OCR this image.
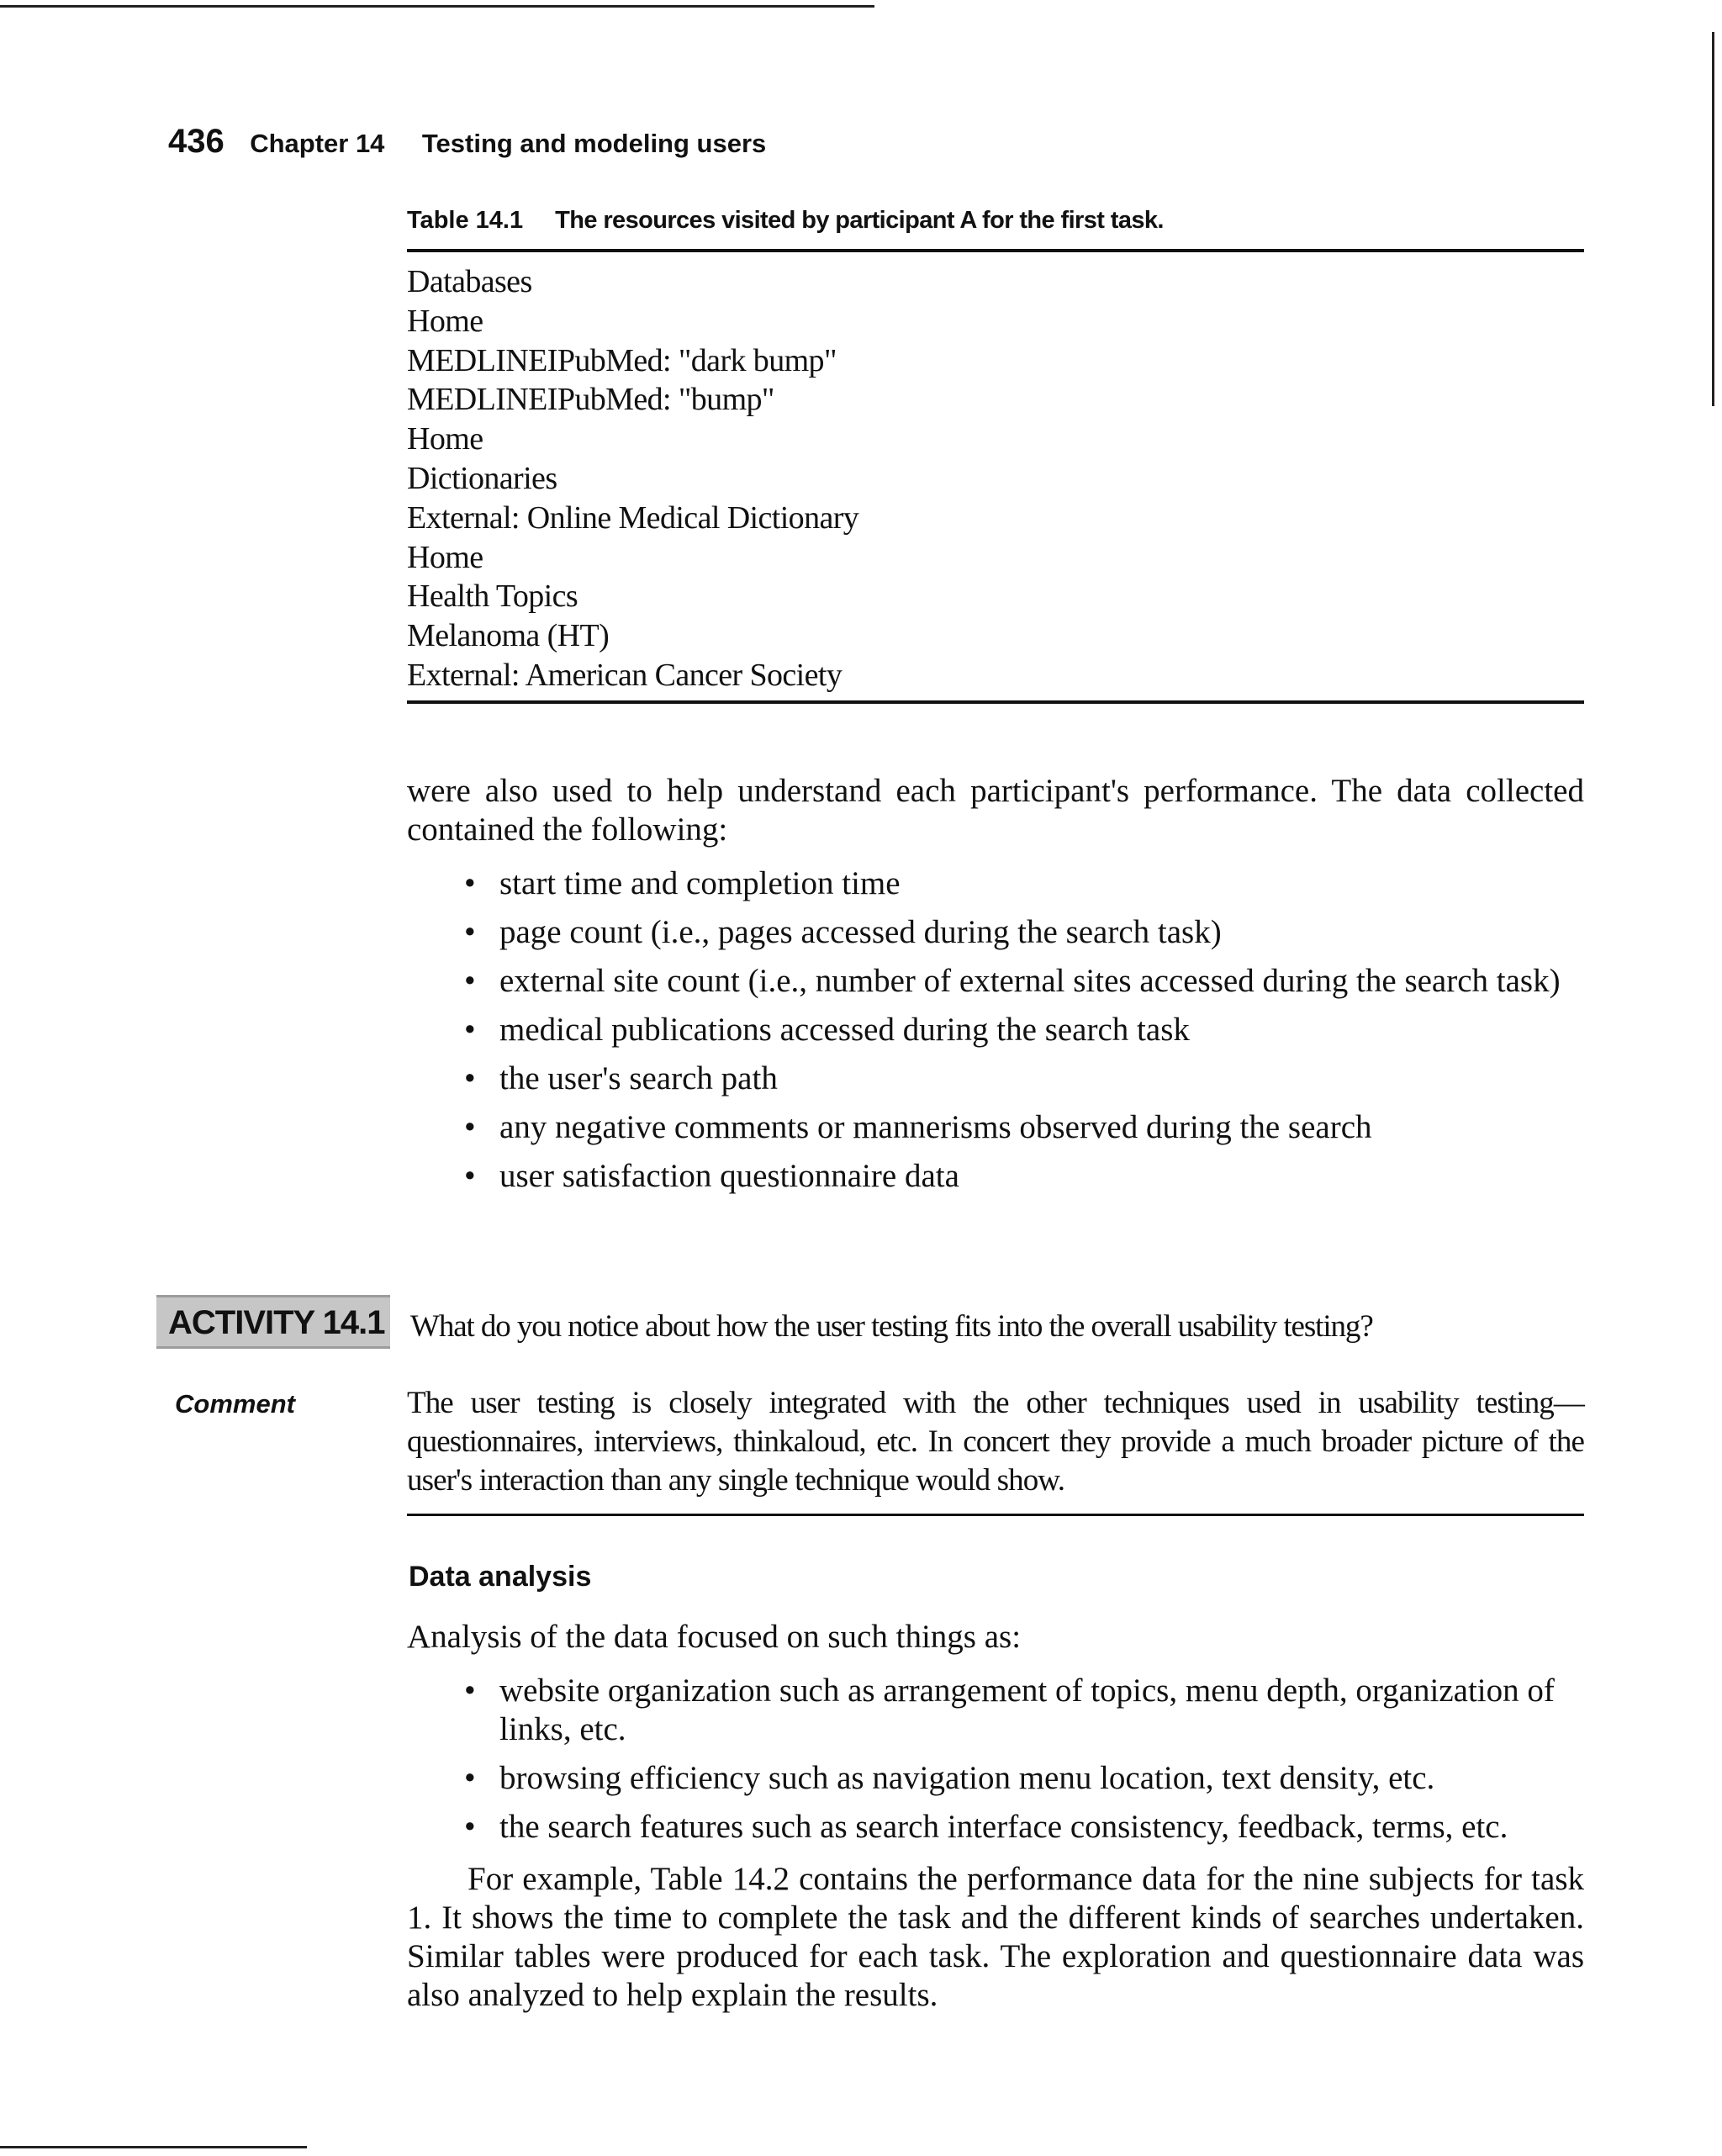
436 Chapter 14 Testing and modeling users
Table 14.1 The resources visited by participant A for the first task.
Databases
Home
MEDLINEIPubMed: "dark bump"
MEDLINEIPubMed: "bump"
Home
Dictionaries
External: Online Medical Dictionary
Home
Health Topics
Melanoma (HT)
External: American Cancer Society

were also used to help understand each participant's performance. The data collected contained the following:

• start time and completion time
• page count (i.e., pages accessed during the search task)
• external site count (i.e., number of external sites accessed during the search task)
• medical publications accessed during the search task
• the user's search path
• any negative comments or mannerisms observed during the search
• user satisfaction questionnaire data
ACTIVITY 14.1 What do you notice about how the user testing fits into the overall usability testing?
Comment	The user testing is closely integrated with the other techniques used in usability testing—questionnaires, interviews, thinkaloud, etc. In concert they provide a much broader picture of the user's interaction than any single technique would show.

Data analysis

Analysis of the data focused on such things as:

• website organization such as arrangement of topics, menu depth, organization of links, etc.
• browsing efficiency such as navigation menu location, text density, etc.
• the search features such as search interface consistency, feedback, terms, etc.

For example, Table 14.2 contains the performance data for the nine subjects for task 1. It shows the time to complete the task and the different kinds of searches undertaken. Similar tables were produced for each task. The exploration and questionnaire data was also analyzed to help explain the results.
